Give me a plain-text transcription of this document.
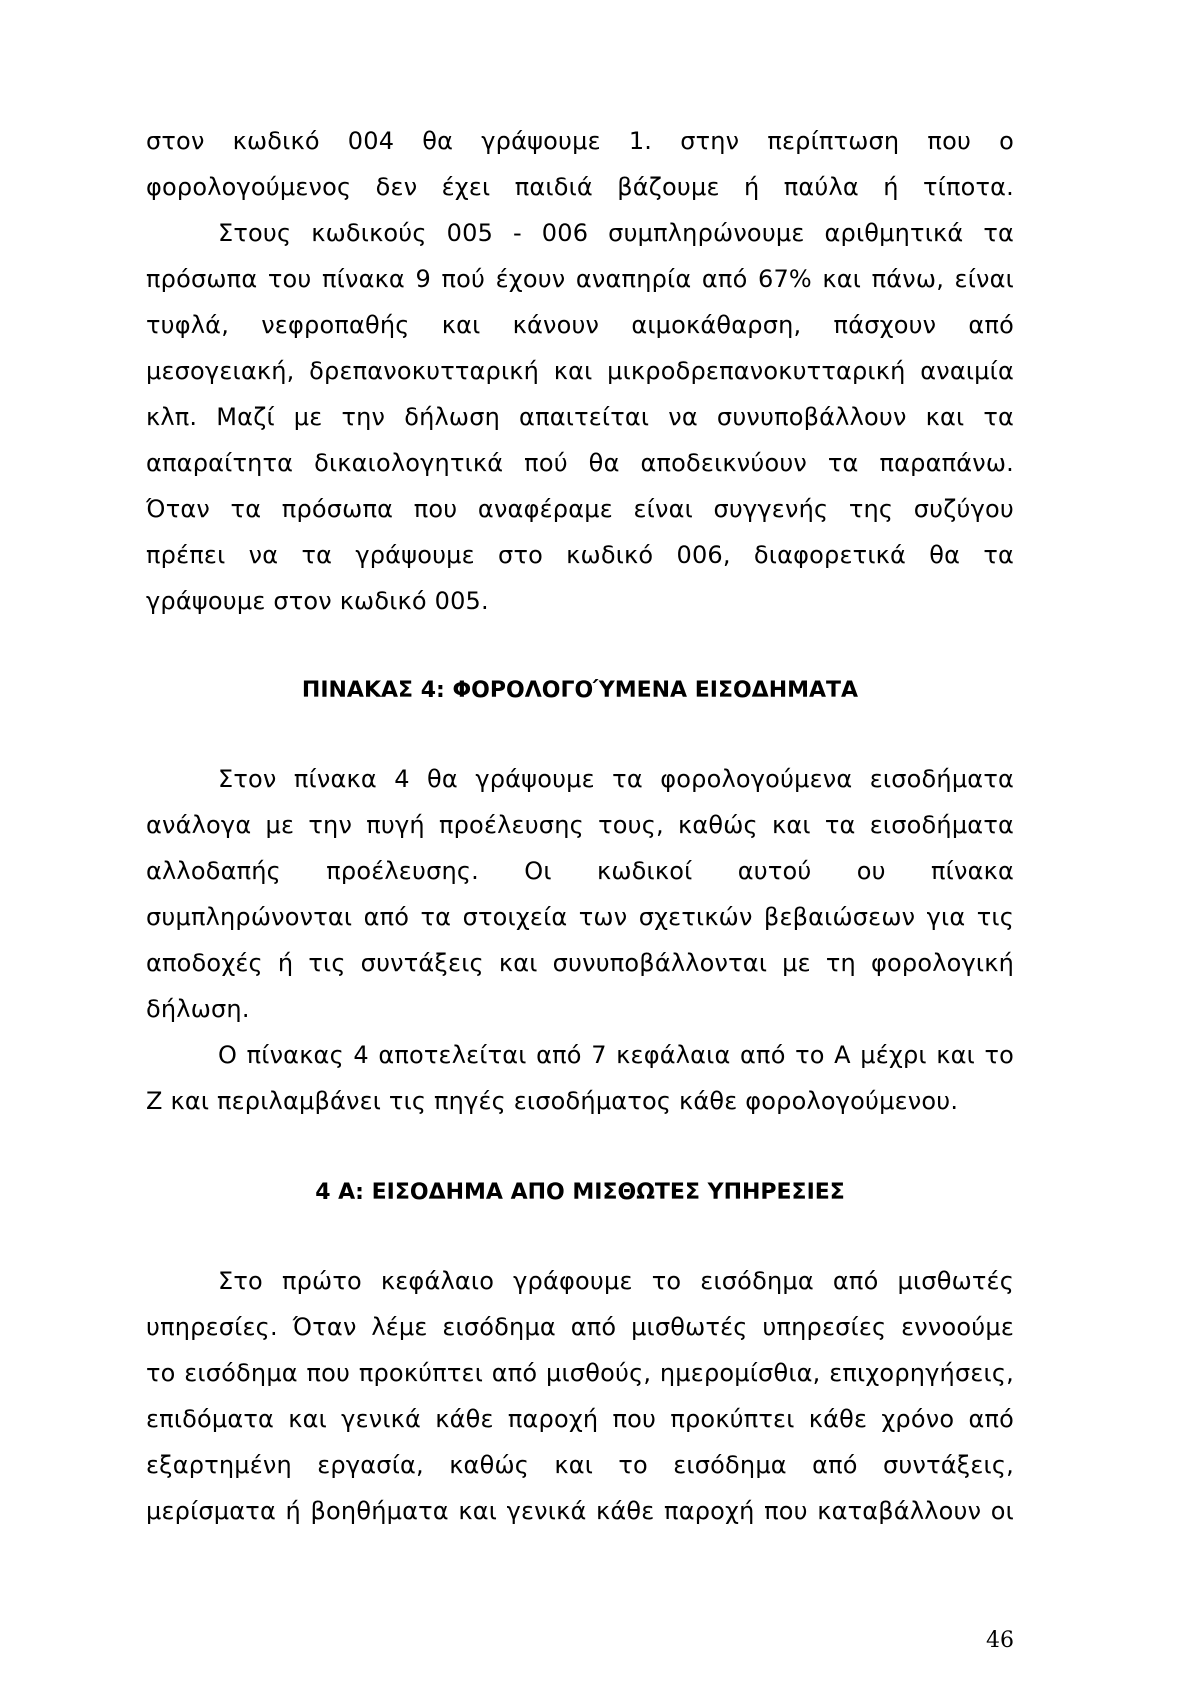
στον κωδικό 004 θα γράψουμε 1. στην περίπτωση που ο
φορολογούμενος δεν έχει παιδιά βάζουμε ή παύλα ή τίποτα.
Στους κωδικούς 005 - 006 συμπληρώνουμε αριθμητικά τα
πρόσωπα του πίνακα 9 πού έχουν αναπηρία από 67% και πάνω, είναι
τυφλά, νεφροπαθής και κάνουν αιμοκάθαρση, πάσχουν από
μεσογειακή, δρεπανοκυτταρική και μικροδρεπανοκυτταρική αναιμία
κλπ. Μαζί με την δήλωση απαιτείται να συνυποβάλλουν και τα
απαραίτητα δικαιολογητικά πού θα αποδεικνύουν τα παραπάνω.
Όταν τα πρόσωπα που αναφέραμε είναι συγγενής της συζύγου
πρέπει να τα γράψουμε στο κωδικό 006, διαφορετικά θα τα
γράψουμε στον κωδικό 005.
ΠΙΝΑΚΑΣ 4: ΦΟΡΟΛΟΓΟΎΜΕΝΑ ΕΙΣΟΔΗΜΑΤΑ
Στον πίνακα 4 θα γράψουμε τα φορολογούμενα εισοδήματα
ανάλογα με την πυγή προέλευσης τους, καθώς και τα εισοδήματα
αλλοδαπής προέλευσης. Οι κωδικοί αυτού ου πίνακα
συμπληρώνονται από τα στοιχεία των σχετικών βεβαιώσεων για τις
αποδοχές ή τις συντάξεις και συνυποβάλλονται με τη φορολογική
δήλωση.
Ο πίνακας 4 αποτελείται από 7 κεφάλαια από το Α μέχρι και το
Ζ και περιλαμβάνει τις πηγές εισοδήματος κάθε φορολογούμενου.
4 Α: ΕΙΣΟΔΗΜΑ ΑΠΟ ΜΙΣΘΩΤΕΣ ΥΠΗΡΕΣΙΕΣ
Στο πρώτο κεφάλαιο γράφουμε το εισόδημα από μισθωτές
υπηρεσίες. Όταν λέμε εισόδημα από μισθωτές υπηρεσίες εννοούμε
το εισόδημα που προκύπτει από μισθούς, ημερομίσθια, επιχορηγήσεις,
επιδόματα και γενικά κάθε παροχή που προκύπτει κάθε χρόνο από
εξαρτημένη εργασία, καθώς και το εισόδημα από συντάξεις,
μερίσματα ή βοηθήματα και γενικά κάθε παροχή που καταβάλλουν οι
46
